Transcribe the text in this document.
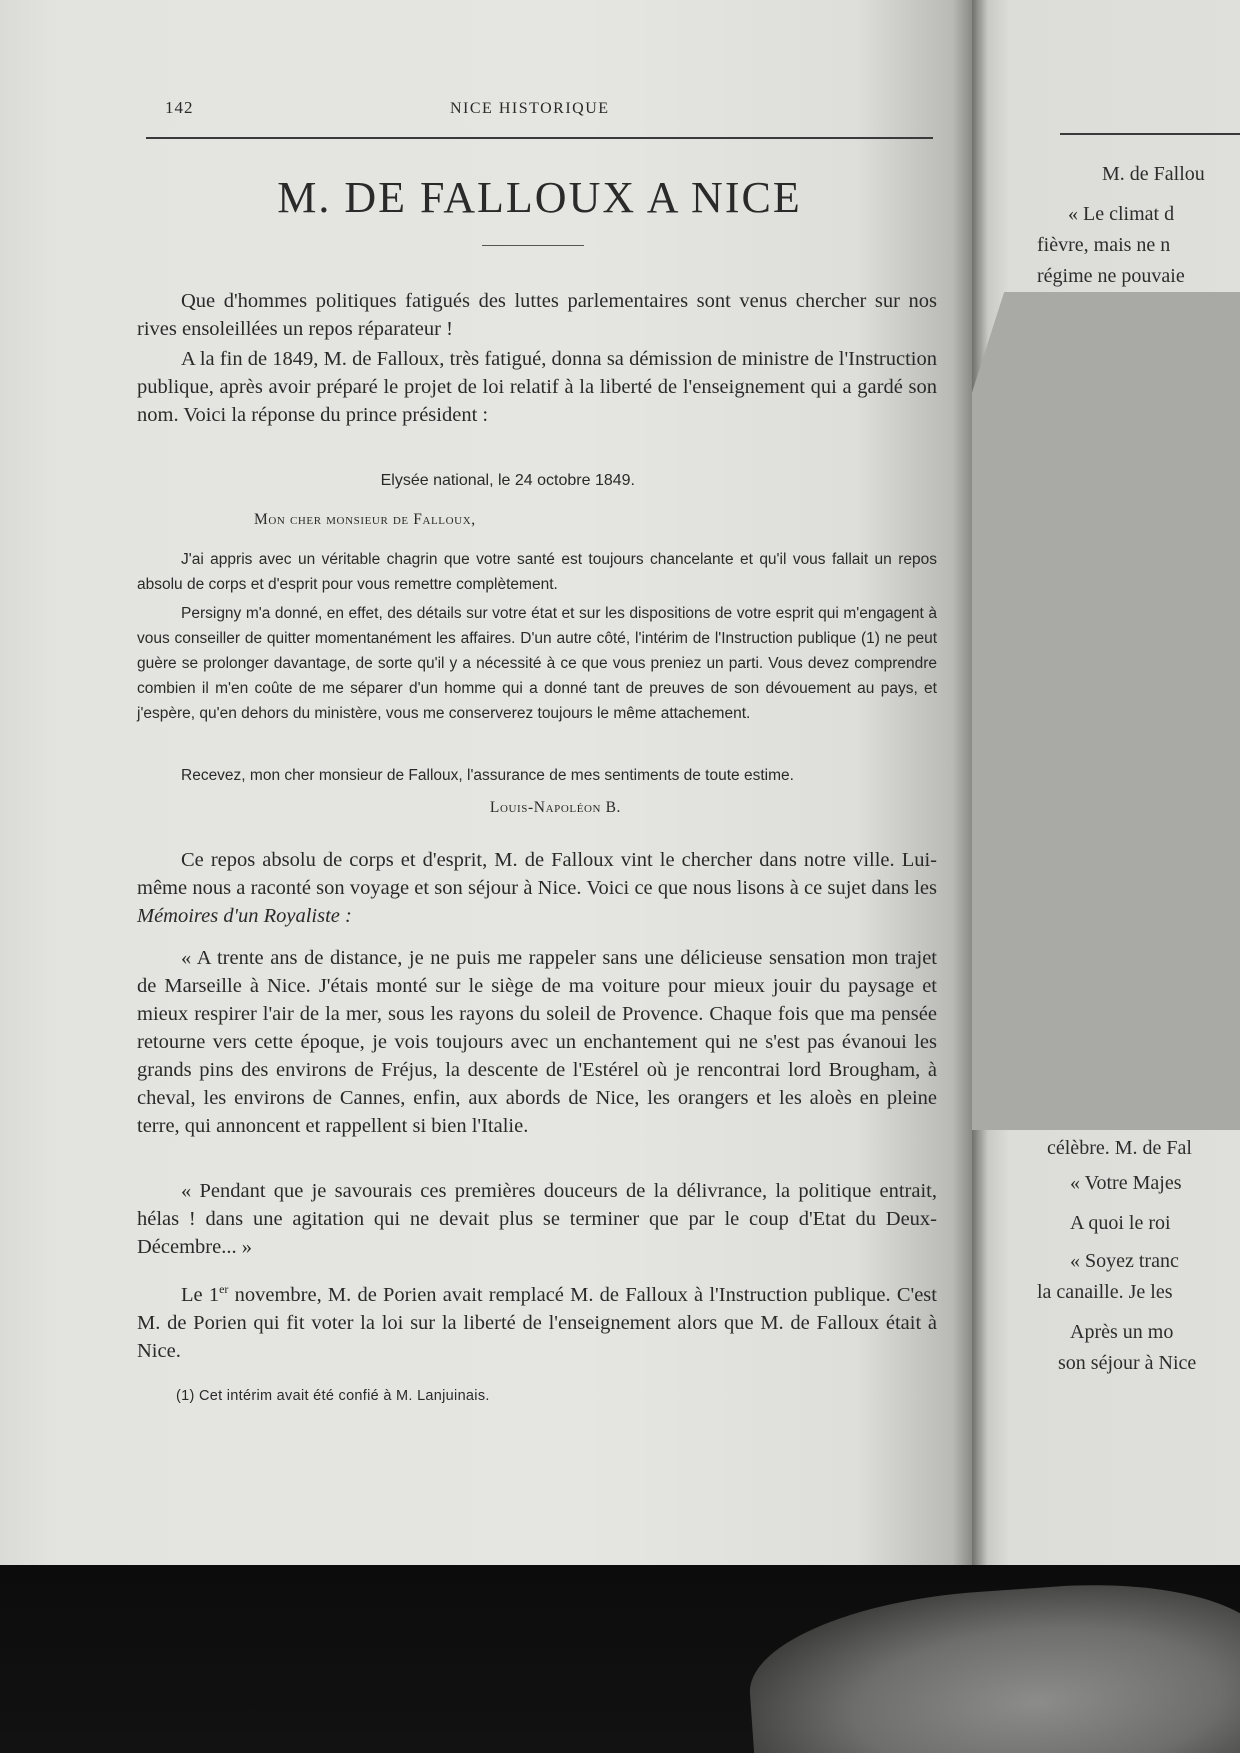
142	NICE HISTORIQUE
M. DE FALLOUX A NICE

Que d'hommes politiques fatigués des luttes parlementaires sont venus chercher sur nos rives ensoleillées un repos réparateur !

A la fin de 1849, M. de Falloux, très fatigué, donna sa démission de ministre de l'Instruction publique, après avoir préparé le projet de loi relatif à la liberté de l'enseignement qui a gardé son nom. Voici la réponse du prince président :

Elysée national, le 24 octobre 1849.
Mon cher monsieur de Falloux,

J'ai appris avec un véritable chagrin que votre santé est toujours chancelante et qu'il vous fallait un repos absolu de corps et d'esprit pour vous remettre complètement.

Persigny m'a donné, en effet, des détails sur votre état et sur les dispositions de votre esprit qui m'engagent à vous conseiller de quitter momentanément les affaires. D'un autre côté, l'intérim de l'Instruction publique (1) ne peut guère se prolonger davantage, de sorte qu'il y a nécessité à ce que vous preniez un parti. Vous devez comprendre combien il m'en coûte de me séparer d'un homme qui a donné tant de preuves de son dévouement au pays, et j'espère, qu'en dehors du ministère, vous me conserverez toujours le même attachement.

Recevez, mon cher monsieur de Falloux, l'assurance de mes sentiments de toute estime.

Louis-Napoléon B.

Ce repos absolu de corps et d'esprit, M. de Falloux vint le chercher dans notre ville. Lui-même nous a raconté son voyage et son séjour à Nice. Voici ce que nous lisons à ce sujet dans les Mémoires d'un Royaliste :

« A trente ans de distance, je ne puis me rappeler sans une délicieuse sensation mon trajet de Marseille à Nice. J'étais monté sur le siège de ma voiture pour mieux jouir du paysage et mieux respirer l'air de la mer, sous les rayons du soleil de Provence. Chaque fois que ma pensée retourne vers cette époque, je vois toujours avec un enchantement qui ne s'est pas évanoui les grands pins des environs de Fréjus, la descente de l'Estérel où je rencontrai lord Brougham, à cheval, les environs de Cannes, enfin, aux abords de Nice, les orangers et les aloès en pleine terre, qui annoncent et rappellent si bien l'Italie.

« Pendant que je savourais ces premières douceurs de la délivrance, la politique entrait, hélas ! dans une agitation qui ne devait plus se terminer que par le coup d'Etat du Deux-Décembre... »

Le 1er novembre, M. de Porien avait remplacé M. de Falloux à l'Instruction publique. C'est M. de Porien qui fit voter la loi sur la liberté de l'enseignement alors que M. de Falloux était à Nice.

(1) Cet intérim avait été confié à M. Lanjuinais.

M. de Fallou
« Le climat d
fièvre, mais ne n
régime ne pouvaie
célèbre. M. de Fal
« Votre Majes
A quoi le roi
« Soyez tranc
la canaille. Je les
Après un mo
son séjour à Nice
